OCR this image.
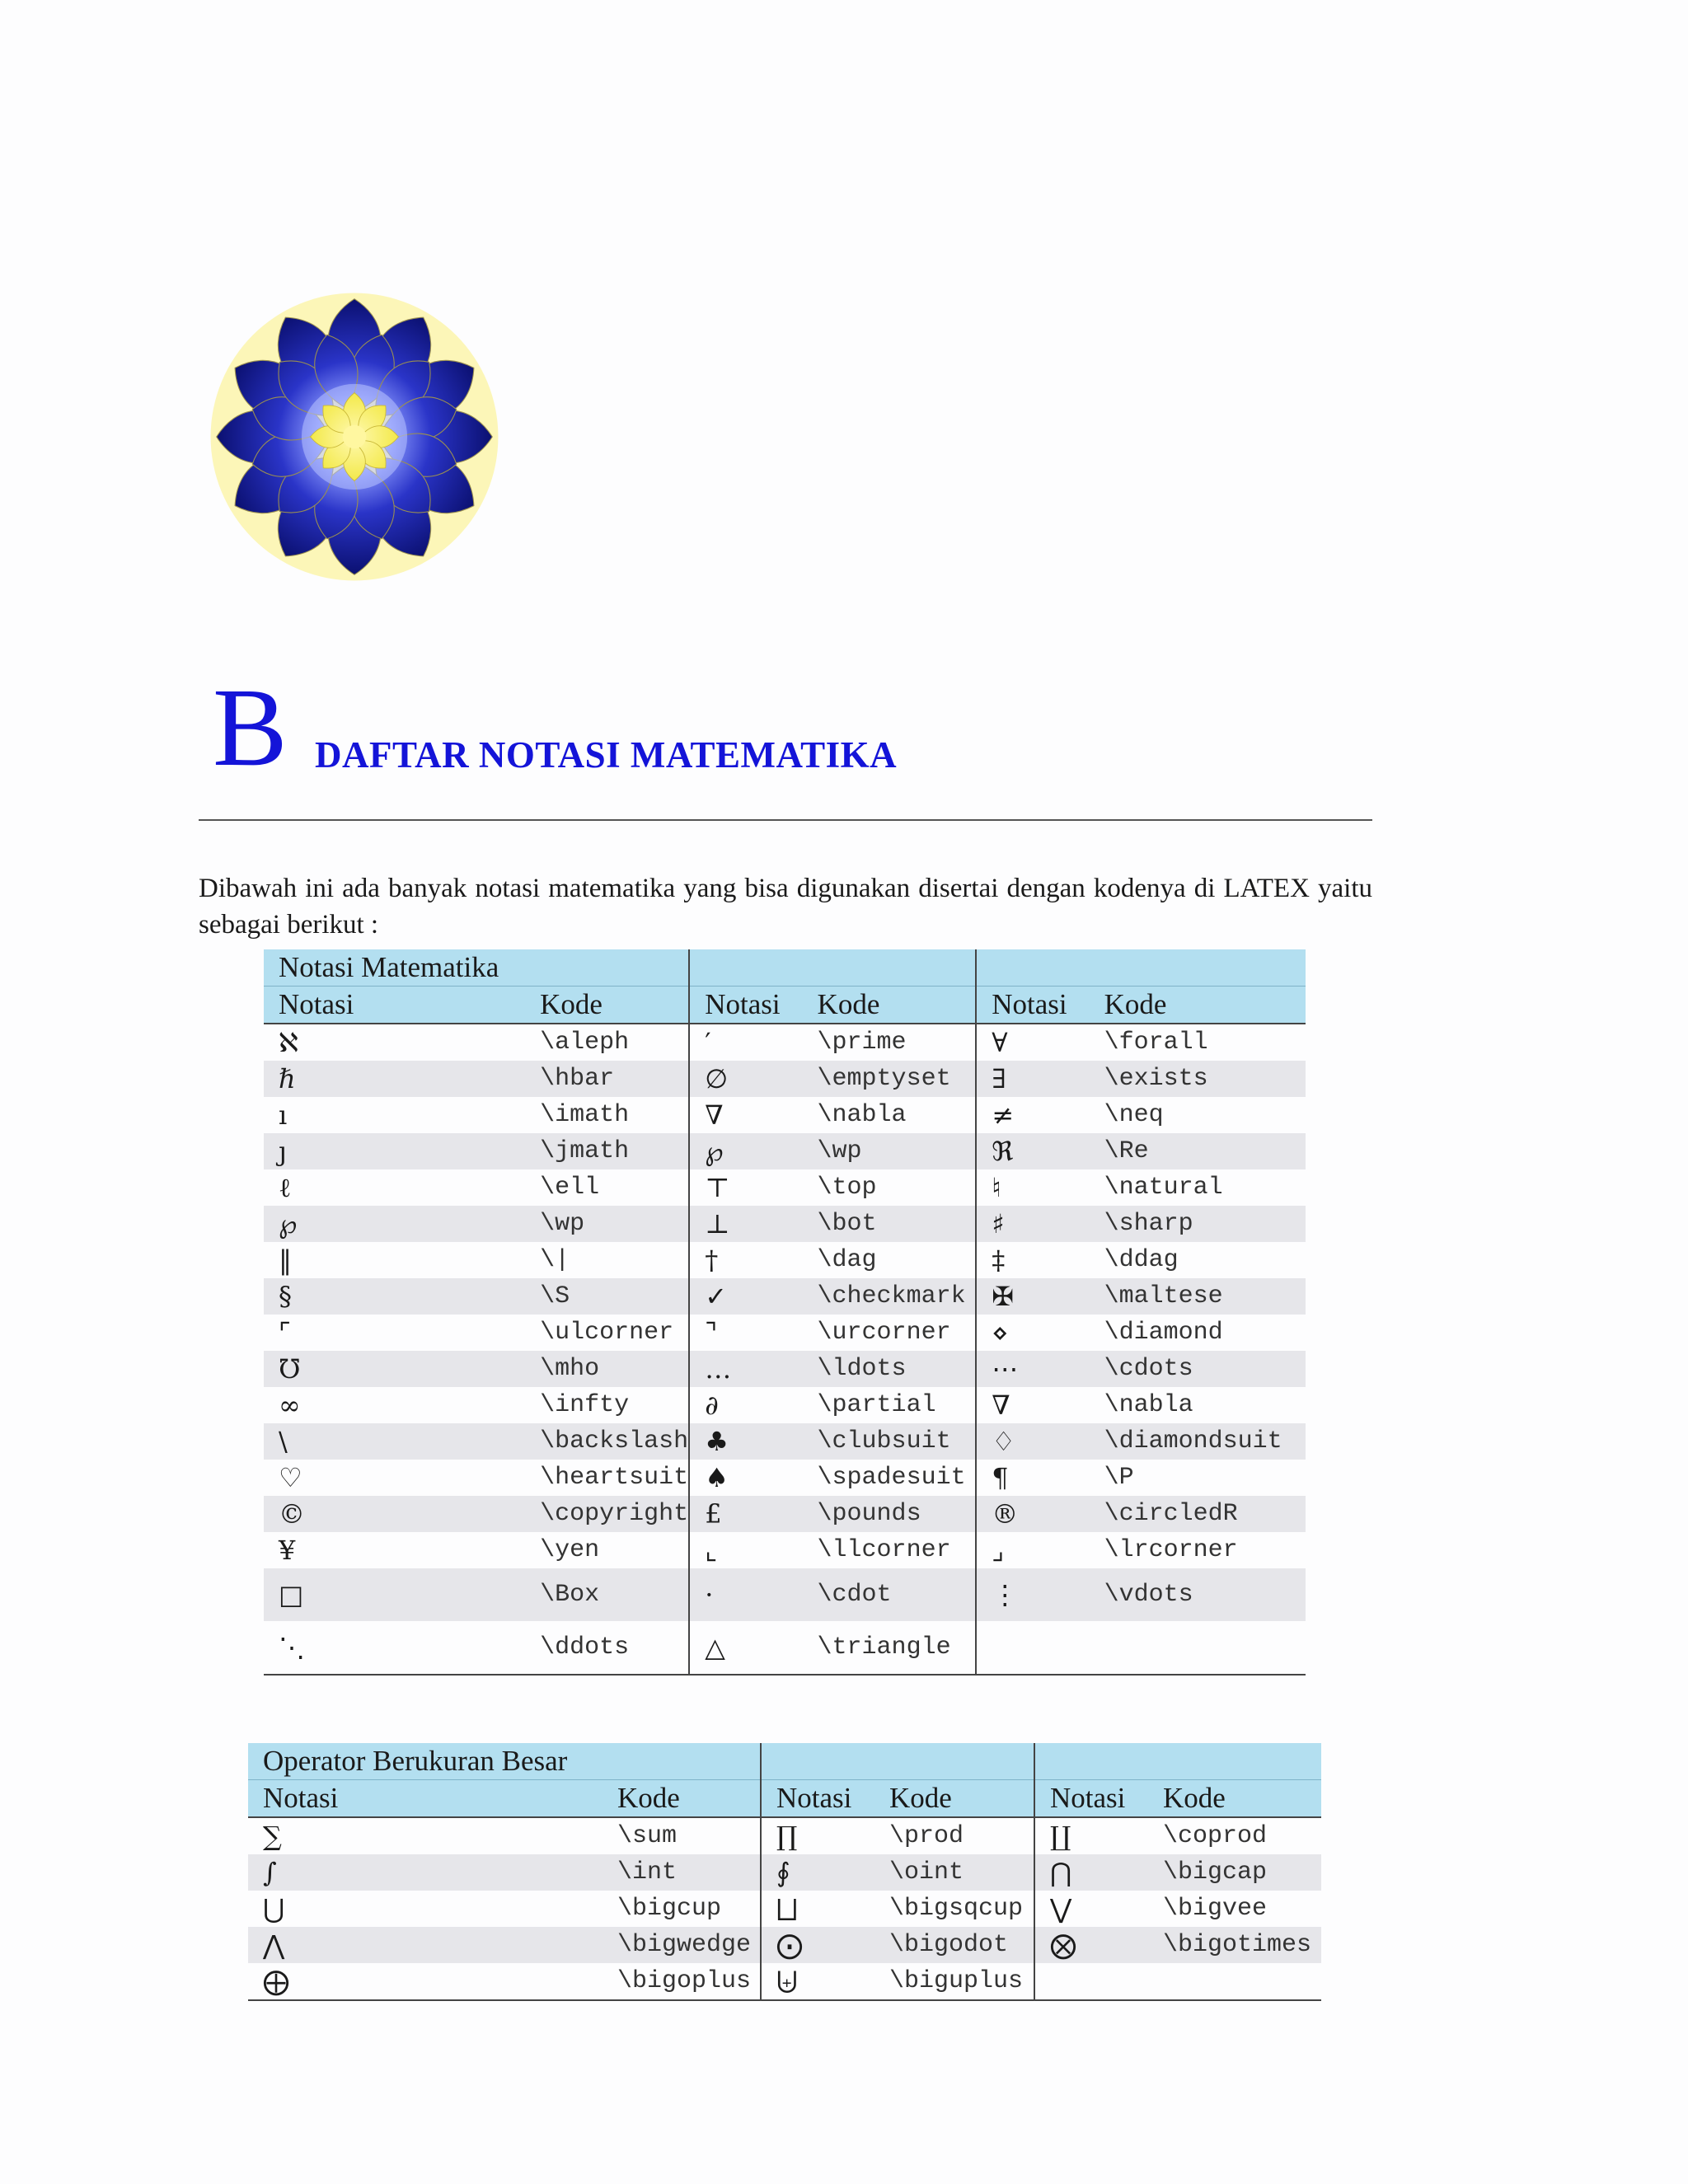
B DAFTAR NOTASI MATEMATIKA

Dibawah ini ada banyak notasi matematika yang bisa digunakan disertai dengan kodenya di LATEX yaitu sebagai berikut :

Notasi Matematika					
Notasi	Kode	Notasi	Kode	Notasi	Kode
ℵ	\aleph	′	\prime	∀	\forall
ℏ	\hbar	∅	\emptyset	∃	\exists
ı	\imath	∇	\nabla	≠	\neq
ȷ	\jmath	℘	\wp	ℜ	\Re
ℓ	\ell	⊤	\top	♮	\natural
℘	\wp	⊥	\bot	♯	\sharp
‖	\|	†	\dag	‡	\ddag
§	\S	✓	\checkmark	✠	\maltese
⌜	\ulcorner	⌝	\urcorner	⋄	\diamond
℧	\mho	…	\ldots	⋯	\cdots
∞	\infty	∂	\partial	∇	\nabla
\	\backslash	♣	\clubsuit	♢	\diamondsuit
♡	\heartsuit	♠	\spadesuit	¶	\P
©	\copyright	£	\pounds	®	\circledR
¥	\yen	⌞	\llcorner	⌟	\lrcorner
□	\Box	·	\cdot	⋮	\vdots
⋱	\ddots	△	\triangle		
Operator Berukuran Besar					
Notasi	Kode	Notasi	Kode	Notasi	Kode
∑	\sum	∏	\prod	∐	\coprod
∫	\int	∮	\oint	⋂	\bigcap
⋃	\bigcup	⨆	\bigsqcup	⋁	\bigvee
⋀	\bigwedge	⨀	\bigodot	⨂	\bigotimes
⨁	\bigoplus	⨄	\biguplus		
